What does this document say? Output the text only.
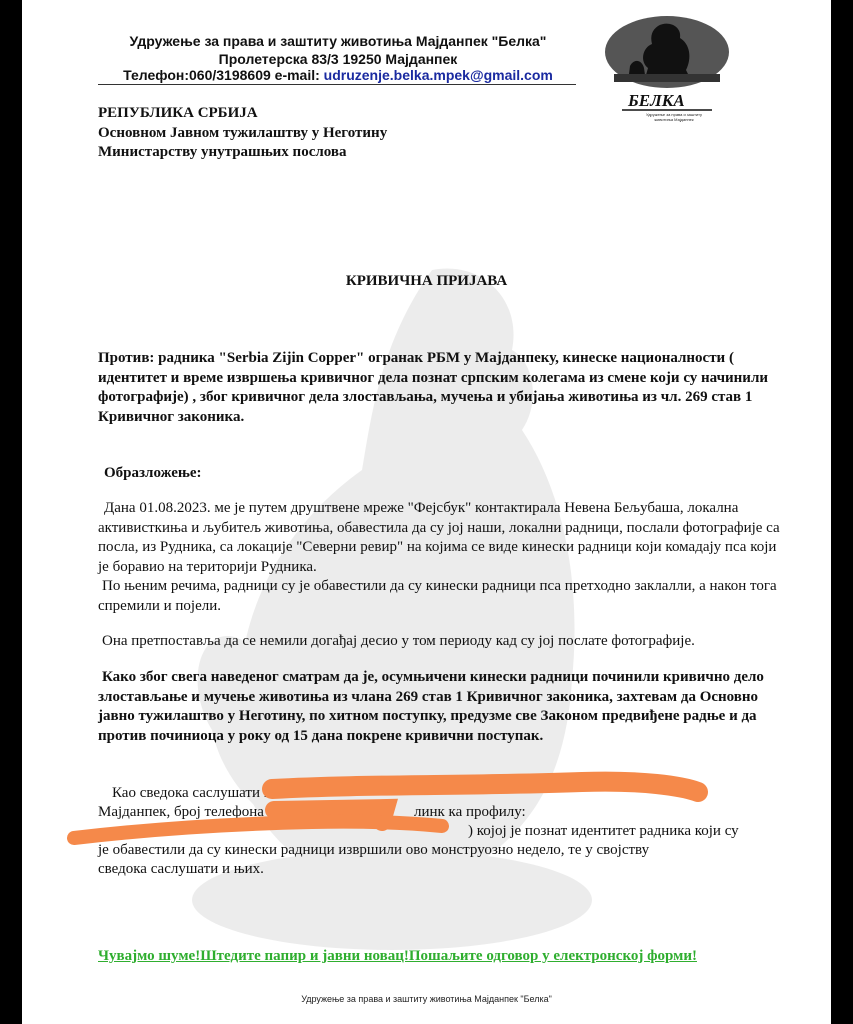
Удружење за права и заштиту животиња Мајданпек "Белка"
Пролетерска 83/3 19250 Мајданпек
Телефон:060/3198609 e-mail: udruzenje.belka.mpek@gmail.com
БЕЛКА
Удружење за права и заштиту животиња Мајданпек
РЕПУБЛИКА СРБИЈА
Основном Јавном тужилаштву у Неготину
Министарству унутрашњих послова
КРИВИЧНА ПРИЈАВА
Против: радника "Serbia Zijin Copper" огранак РБМ у Мајданпеку, кинеске националности ( идентитет и време извршења кривичног дела познат српским колегама из смене који су начинили фотографије) , због кривичног дела злостављања, мучења и убијања животиња из чл. 269 став 1 Кривичног законика.
Образложење:
Дана 01.08.2023. ме је путем друштвене мреже "Фејсбук" контактирала Невена Бељубаша, локална активисткиња и љубитељ животиња, обавестила да су јој наши, локални радници, послали фотографије са посла, из Рудника, са локације "Северни ревир" на којима се виде кинески радници који комадају пса који је боравио на територији Рудника.
По њеним речима, радници су је обавестили да су кинески радници пса претходно заклалли, а након тога спремили и појели.
Она претпоставља да се немили догађај десио у том периоду кад су јој послате фотографије.
Како због свега наведеног сматрам да је, осумњичени кинески радници починили кривично дело злостављање и мучење животиња из члана 269 став 1 Кривичног законика, захтевам да Основно јавно тужилаштво у Неготину, по хитном поступку, предузме све Законом предвиђене радње и да против починиоца у року од 15 дана покрене кривични поступак.
Као сведока саслушати Н
Мајданпек, број телефона	линк ка профилу:
) којој је познат идентитет радника који су
је обавестили да су кинески радници извршили ово монструозно недело, те у својству
сведока саслушати и њих.
Чувајмо шуме!Штедите папир и јавни новац!Пошаљите одговор у електронској форми!
Удружење за права и заштиту животиња Мајданпек "Белка"
